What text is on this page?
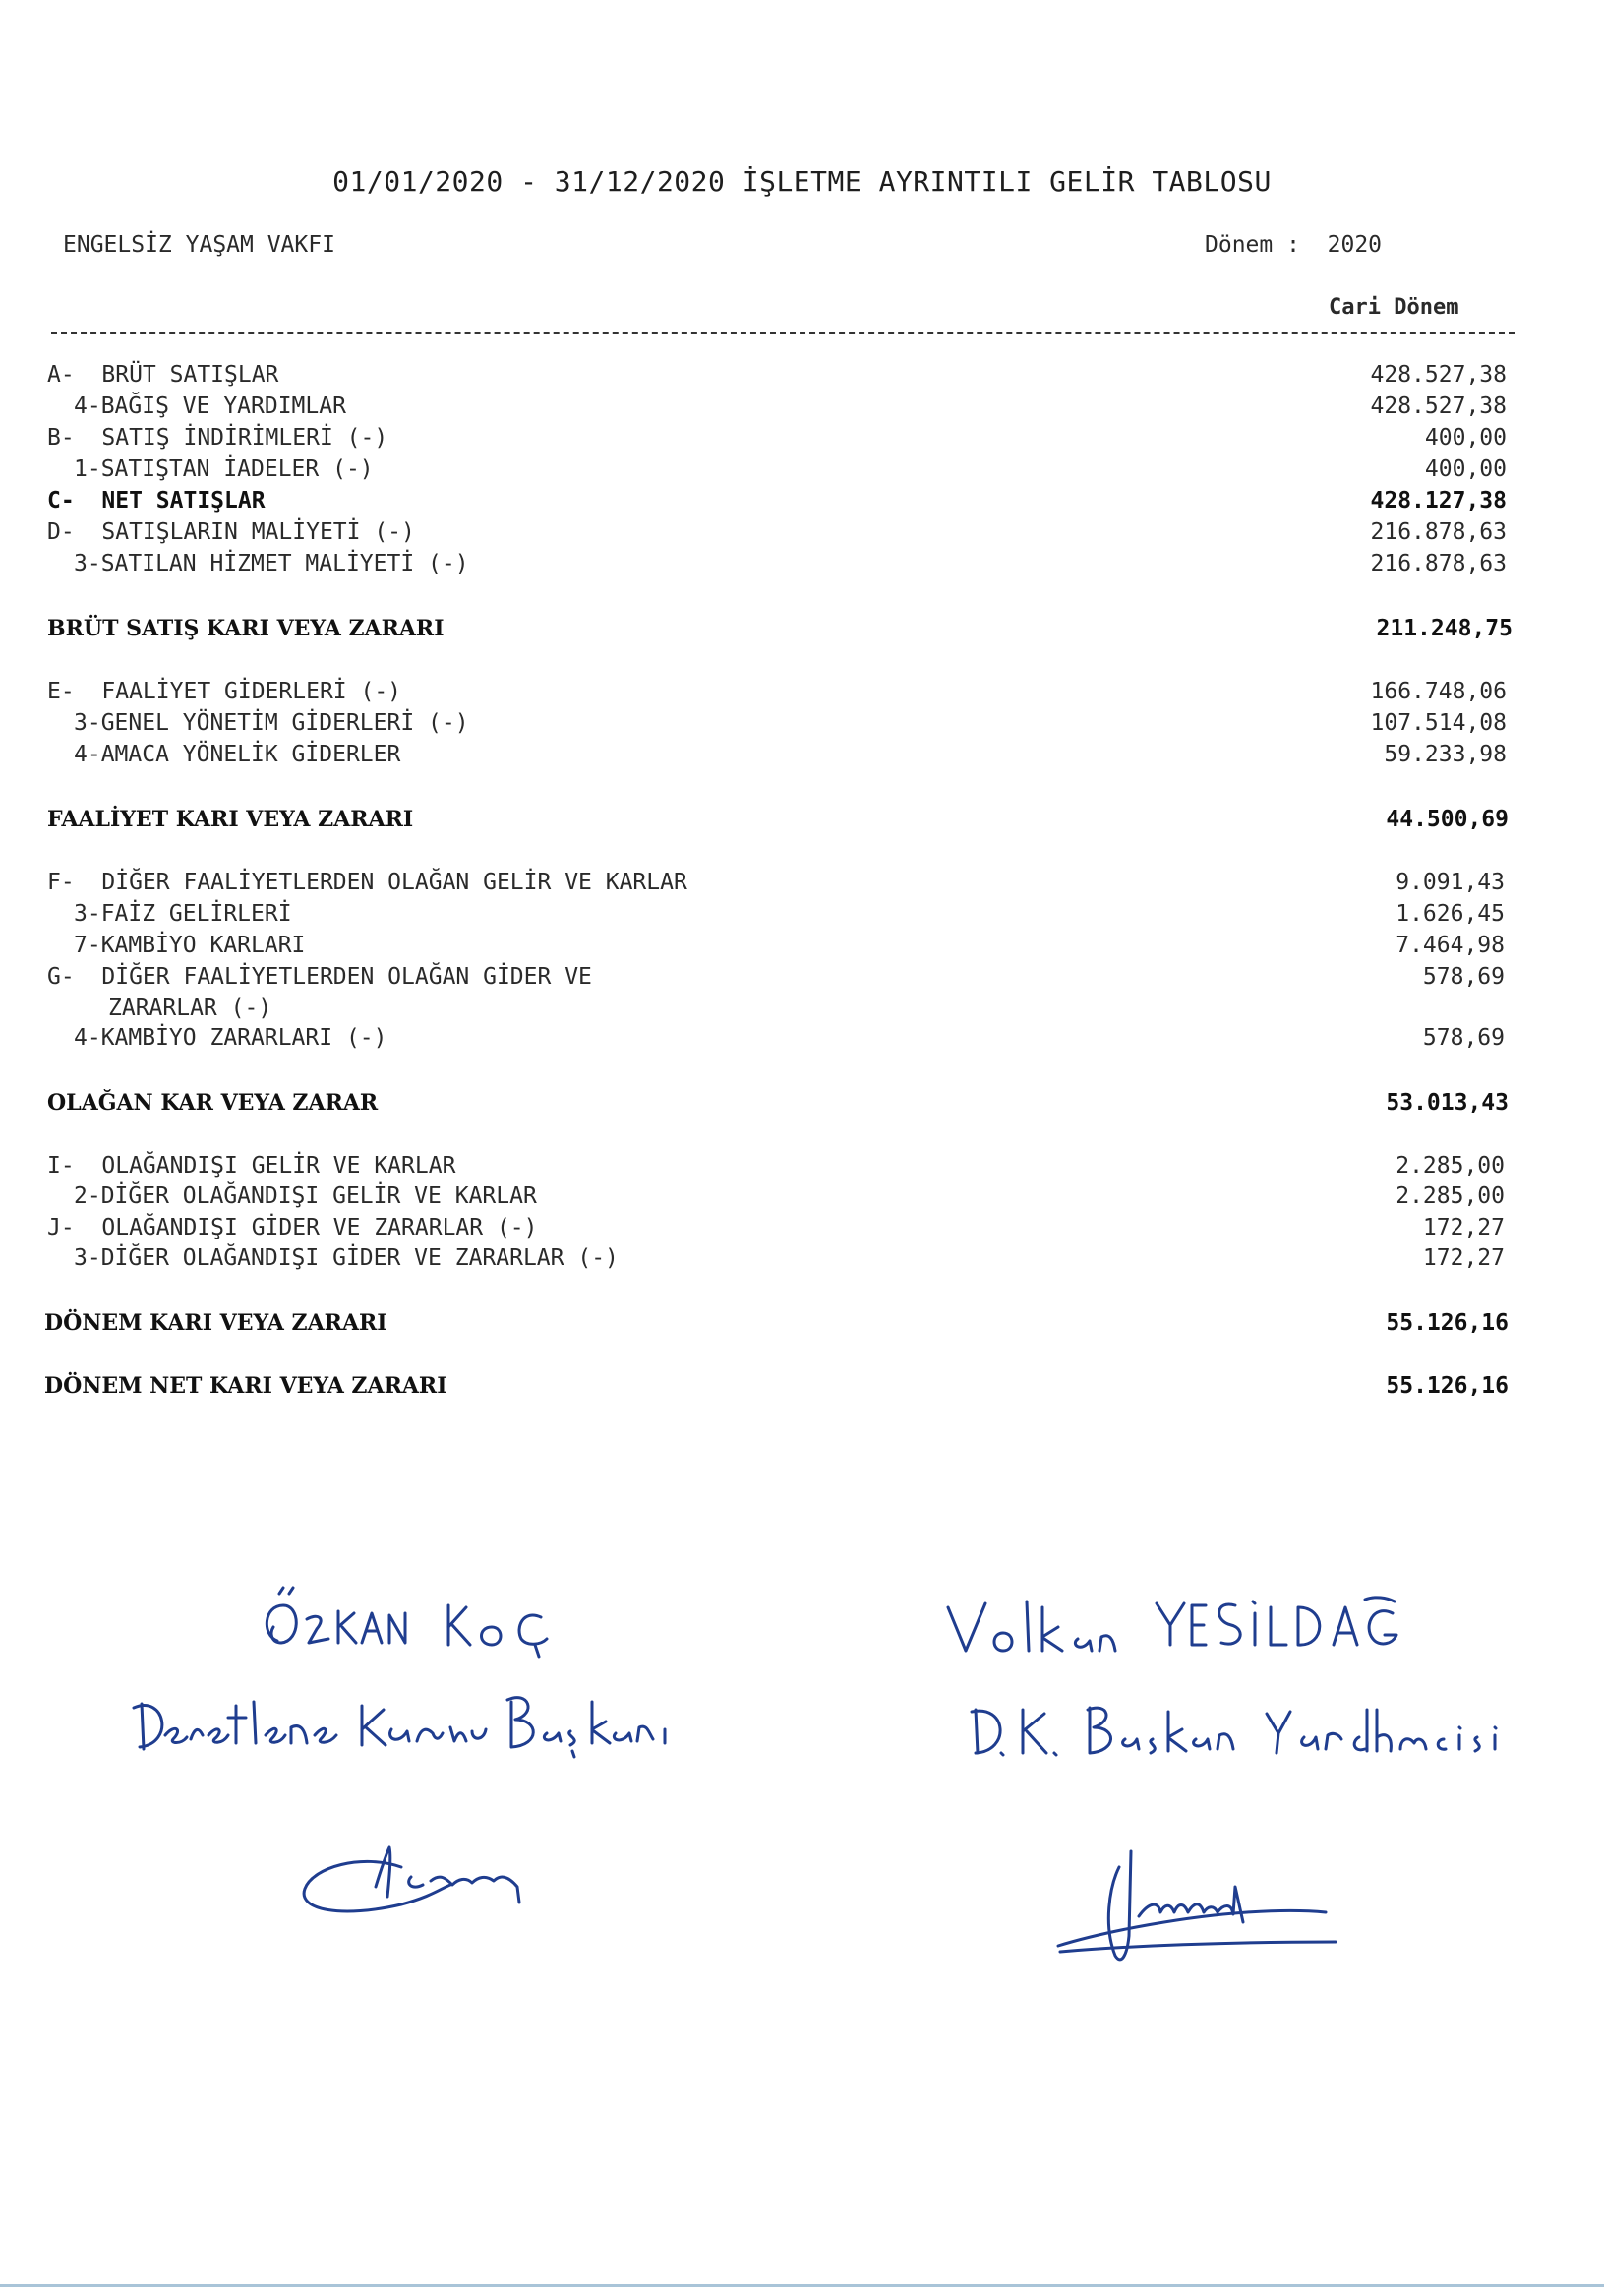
01/01/2020 - 31/12/2020 İŞLETME AYRINTILI GELİR TABLOSU
ENGELSİZ YAŞAM VAKFI	Dönem : 2020
Cari Dönem
A-  BRÜT SATIŞLAR	428.527,38
4-BAĞIŞ VE YARDIMLAR	428.527,38
B-  SATIŞ İNDİRİMLERİ (-)	400,00
1-SATIŞTAN İADELER (-)	400,00
C-  NET SATIŞLAR	428.127,38
D-  SATIŞLARIN MALİYETİ (-)	216.878,63
3-SATILAN HİZMET MALİYETİ (-)	216.878,63
BRÜT SATIŞ KARI VEYA ZARARI	211.248,75
E-  FAALİYET GİDERLERİ (-)	166.748,06
3-GENEL YÖNETİM GİDERLERİ (-)	107.514,08
4-AMACA YÖNELİK GİDERLER	59.233,98
FAALİYET KARI VEYA ZARARI	44.500,69
F-  DİĞER FAALİYETLERDEN OLAĞAN GELİR VE KARLAR	9.091,43
3-FAİZ GELİRLERİ	1.626,45
7-KAMBİYO KARLARI	7.464,98
G-  DİĞER FAALİYETLERDEN OLAĞAN GİDER VE	578,69
ZARARLAR (-)
4-KAMBİYO ZARARLARI (-)	578,69
OLAĞAN KAR VEYA ZARAR	53.013,43
I-  OLAĞANDIŞI GELİR VE KARLAR	2.285,00
2-DİĞER OLAĞANDIŞI GELİR VE KARLAR	2.285,00
J-  OLAĞANDIŞI GİDER VE ZARARLAR (-)	172,27
3-DİĞER OLAĞANDIŞI GİDER VE ZARARLAR (-)	172,27
DÖNEM KARI VEYA ZARARI	55.126,16
DÖNEM NET KARI VEYA ZARARI	55.126,16
